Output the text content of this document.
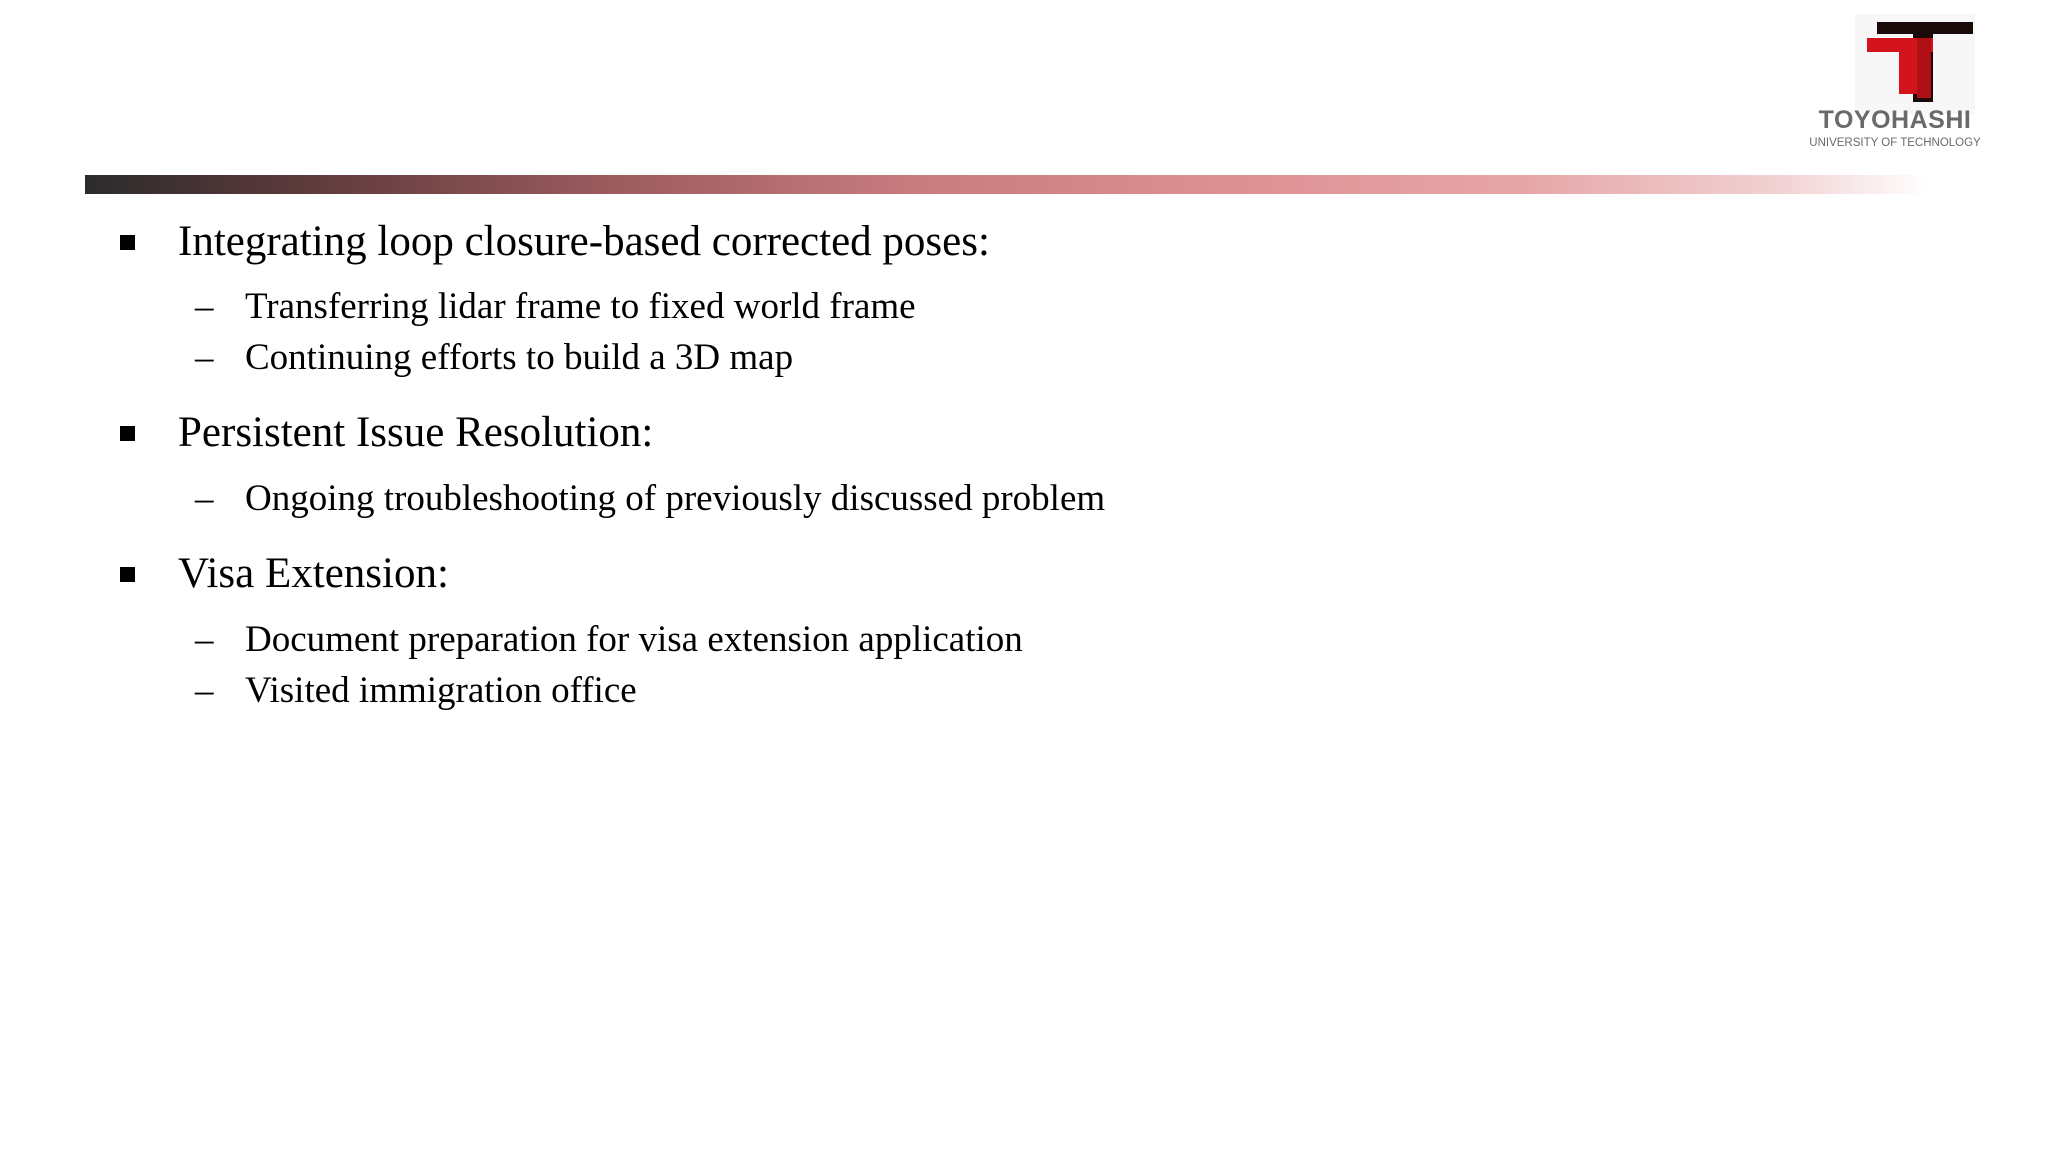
TOYOHASHI
UNIVERSITY OF TECHNOLOGY
Integrating loop closure-based corrected poses:
– Transferring lidar frame to fixed world frame
– Continuing efforts to build a 3D map
Persistent Issue Resolution:
– Ongoing troubleshooting of previously discussed problem
Visa Extension:
– Document preparation for visa extension application
– Visited immigration office
